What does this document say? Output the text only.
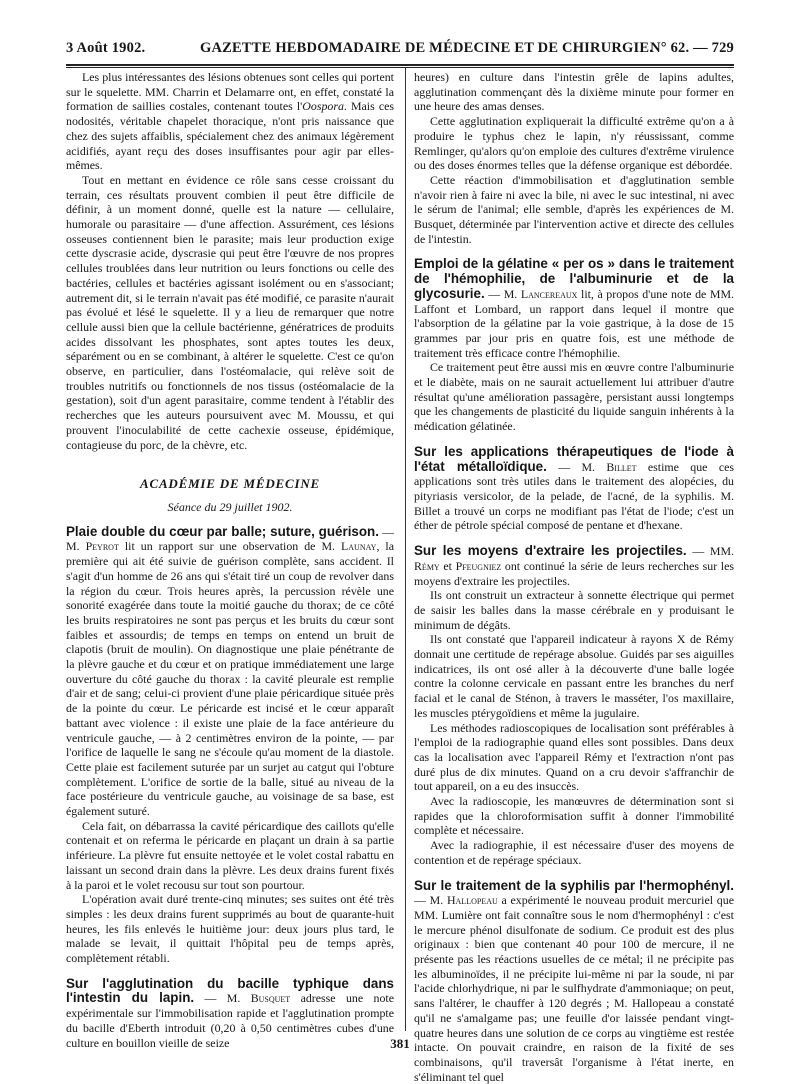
3 Août 1902.	GAZETTE HEBDOMADAIRE DE MÉDECINE ET DE CHIRURGIE.
N° 62. — 729

Les plus intéressantes des lésions obtenues sont celles qui portent sur le squelette. MM. Charrin et Delamarre ont, en effet, constaté la formation de saillies costales, contenant toutes l'Oospora. Mais ces nodosités, véritable chapelet thoracique, n'ont pris naissance que chez des sujets affaiblis, spécialement chez des animaux légèrement acidifiés, ayant reçu des doses insuffisantes pour agir par elles-mêmes.

Tout en mettant en évidence ce rôle sans cesse croissant du terrain, ces résultats prouvent combien il peut être difficile de définir, à un moment donné, quelle est la nature — cellulaire, humorale ou parasitaire — d'une affection. Assurément, ces lésions osseuses contiennent bien le parasite; mais leur production exige cette dyscrasie acide, dyscrasie qui peut être l'œuvre de nos propres cellules troublées dans leur nutrition ou leurs fonctions ou celle des bactéries, cellules et bactéries agissant isolément ou en s'associant; autrement dit, si le terrain n'avait pas été modifié, ce parasite n'aurait pas évolué et lésé le squelette. Il y a lieu de remarquer que notre cellule aussi bien que la cellule bactérienne, génératrices de produits acides dissolvant les phosphates, sont aptes toutes les deux, séparément ou en se combinant, à altérer le squelette. C'est ce qu'on observe, en particulier, dans l'ostéomalacie, qui relève soit de troubles nutritifs ou fonctionnels de nos tissus (ostéomalacie de la gestation), soit d'un agent parasitaire, comme tendent à l'établir des recherches que les auteurs poursuivent avec M. Moussu, et qui prouvent l'inoculabilité de cette cachexie osseuse, épidémique, contagieuse du porc, de la chèvre, etc.

ACADÉMIE DE MÉDECINE
Séance du 29 juillet 1902.

Plaie double du cœur par balle; suture, guérison. — M. Peyrot lit un rapport sur une observation de M. Launay, la première qui ait été suivie de guérison complète, sans accident. Il s'agit d'un homme de 26 ans qui s'était tiré un coup de revolver dans la région du cœur. Trois heures après, la percussion révèle une sonorité exagérée dans toute la moitié gauche du thorax; de ce côté les bruits respiratoires ne sont pas perçus et les bruits du cœur sont faibles et assourdis; de temps en temps on entend un bruit de clapotis (bruit de moulin). On diagnostique une plaie pénétrante de la plèvre gauche et du cœur et on pratique immédiatement une large ouverture du côté gauche du thorax : la cavité pleurale est remplie d'air et de sang; celui-ci provient d'une plaie péricardique située près de la pointe du cœur. Le péricarde est incisé et le cœur apparaît battant avec violence : il existe une plaie de la face antérieure du ventricule gauche, — à 2 centimètres environ de la pointe, — par l'orifice de laquelle le sang ne s'écoule qu'au moment de la diastole. Cette plaie est facilement suturée par un surjet au catgut qui l'obture complètement. L'orifice de sortie de la balle, situé au niveau de la face postérieure du ventricule gauche, au voisinage de sa base, est également suturé.

Cela fait, on débarrassa la cavité péricardique des caillots qu'elle contenait et on referma le péricarde en plaçant un drain à sa partie inférieure. La plèvre fut ensuite nettoyée et le volet costal rabattu en laissant un second drain dans la plèvre. Les deux drains furent fixés à la paroi et le volet recousu sur tout son pourtour.

L'opération avait duré trente-cinq minutes; ses suites ont été très simples : les deux drains furent supprimés au bout de quarante-huit heures, les fils enlevés le huitième jour: deux jours plus tard, le malade se levait, il quittait l'hôpital peu de temps après, complètement rétabli.

Sur l'agglutination du bacille typhique dans l'intestin du lapin. — M. Busquet adresse une note expérimentale sur l'immobilisation rapide et l'agglutination prompte du bacille d'Eberth introduit (0,20 à 0,50 centimètres cubes d'une culture en bouillon vieille de seize

heures) en culture dans l'intestin grêle de lapins adultes, agglutination commençant dès la dixième minute pour former en une heure des amas denses.

Cette agglutination expliquerait la difficulté extrême qu'on a à produire le typhus chez le lapin, n'y réussissant, comme Remlinger, qu'alors qu'on emploie des cultures d'extrême virulence ou des doses énormes telles que la défense organique est débordée.

Cette réaction d'immobilisation et d'agglutination semble n'avoir rien à faire ni avec la bile, ni avec le suc intestinal, ni avec le sérum de l'animal; elle semble, d'après les expériences de M. Busquet, déterminée par l'intervention active et directe des cellules de l'intestin.

Emploi de la gélatine « per os » dans le traitement de l'hémophilie, de l'albuminurie et de la glycosurie. — M. Lancereaux lit, à propos d'une note de MM. Laffont et Lombard, un rapport dans lequel il montre que l'absorption de la gélatine par la voie gastrique, à la dose de 15 grammes par jour pris en quatre fois, est une méthode de traitement très efficace contre l'hémophilie.

Ce traitement peut être aussi mis en œuvre contre l'albuminurie et le diabète, mais on ne saurait actuellement lui attribuer d'autre résultat qu'une amélioration passagère, persistant aussi longtemps que les changements de plasticité du liquide sanguin inhérents à la médication gélatinée.

Sur les applications thérapeutiques de l'iode à l'état métalloïdique. — M. Billet estime que ces applications sont très utiles dans le traitement des alopécies, du pityriasis versicolor, de la pelade, de l'acné, de la syphilis. M. Billet a trouvé un corps ne modifiant pas l'état de l'iode; c'est un éther de pétrole spécial composé de pentane et d'hexane.

Sur les moyens d'extraire les projectiles. — MM. Rémy et Pfeugniez ont continué la série de leurs recherches sur les moyens d'extraire les projectiles.

Ils ont construit un extracteur à sonnette électrique qui permet de saisir les balles dans la masse cérébrale en y produisant le minimum de dégâts.

Ils ont constaté que l'appareil indicateur à rayons X de Rémy donnait une certitude de repérage absolue. Guidés par ses aiguilles indicatrices, ils ont osé aller à la découverte d'une balle logée contre la colonne cervicale en passant entre les branches du nerf facial et le canal de Sténon, à travers le masséter, l'os maxillaire, les muscles ptérygoïdiens et même la jugulaire.

Les méthodes radioscopiques de localisation sont préférables à l'emploi de la radiographie quand elles sont possibles. Dans deux cas la localisation avec l'appareil Rémy et l'extraction n'ont pas duré plus de dix minutes. Quand on a cru devoir s'affranchir de tout appareil, on a eu des insuccès.

Avec la radioscopie, les manœuvres de détermination sont si rapides que la chloroformisation suffit à donner l'immobilité complète et nécessaire.

Avec la radiographie, il est nécessaire d'user des moyens de contention et de repérage spéciaux.

Sur le traitement de la syphilis par l'hermophényl. — M. Hallopeau a expérimenté le nouveau produit mercuriel que MM. Lumière ont fait connaître sous le nom d'hermophényl : c'est le mercure phénol disulfonate de sodium. Ce produit est des plus originaux : bien que contenant 40 pour 100 de mercure, il ne présente pas les réactions usuelles de ce métal; il ne précipite pas les albuminoïdes, il ne précipite lui-même ni par la soude, ni par l'acide chlorhydrique, ni par le sulfhydrate d'ammoniaque; on peut, sans l'altérer, le chauffer à 120 degrés ; M. Hallopeau a constaté qu'il ne s'amalgame pas; une feuille d'or laissée pendant vingt-quatre heures dans une solution de ce corps au vingtième est restée intacte. On pouvait craindre, en raison de la fixité de ses combinaisons, qu'il traversât l'organisme à l'état inerte, en s'éliminant tel quel

381
